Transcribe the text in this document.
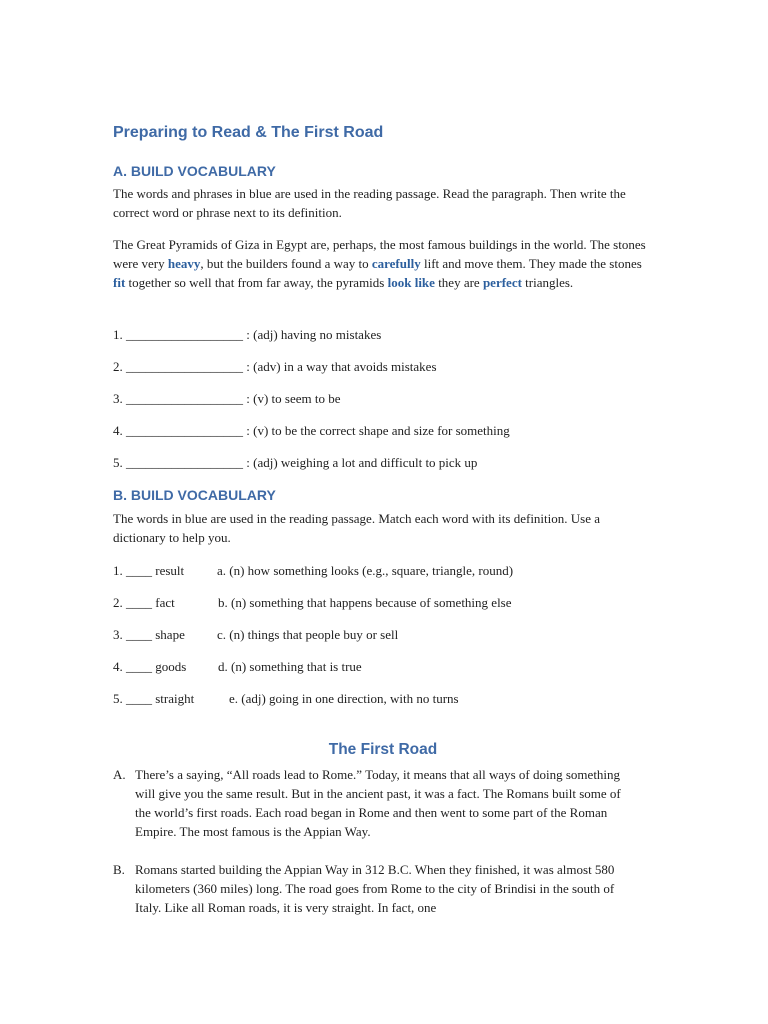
Preparing to Read & The First Road
A. BUILD VOCABULARY

The words and phrases in blue are used in the reading passage. Read the paragraph. Then write the correct word or phrase next to its definition.

The Great Pyramids of Giza in Egypt are, perhaps, the most famous buildings in the world. The stones were very heavy, but the builders found a way to carefully lift and move them. They made the stones fit together so well that from far away, the pyramids look like they are perfect triangles.

1. __________________ : (adj) having no mistakes
2. __________________ : (adv) in a way that avoids mistakes
3. __________________ : (v) to seem to be
4. __________________ : (v) to be the correct shape and size for something
5. __________________ : (adj) weighing a lot and difficult to pick up
B. BUILD VOCABULARY

The words in blue are used in the reading passage. Match each word with its definition. Use a dictionary to help you.

1. ____ result	a. (n) how something looks (e.g., square, triangle, round)
2. ____ fact	b. (n) something that happens because of something else
3. ____ shape c. (n) things that people buy or sell
4. ____ goods d. (n) something that is true
5. ____ straight	e. (adj) going in one direction, with no turns
The First Road
A. There’s a saying, “All roads lead to Rome.” Today, it means that all ways of doing something will give you the same result. But in the ancient past, it was a fact. The Romans built some of the world’s first roads. Each road began in Rome and then went to some part of the Roman Empire. The most famous is the Appian Way.
B. Romans started building the Appian Way in 312 B.C. When they finished, it was almost 580 kilometers (360 miles) long. The road goes from Rome to the city of Brindisi in the south of Italy. Like all Roman roads, it is very straight. In fact, one
